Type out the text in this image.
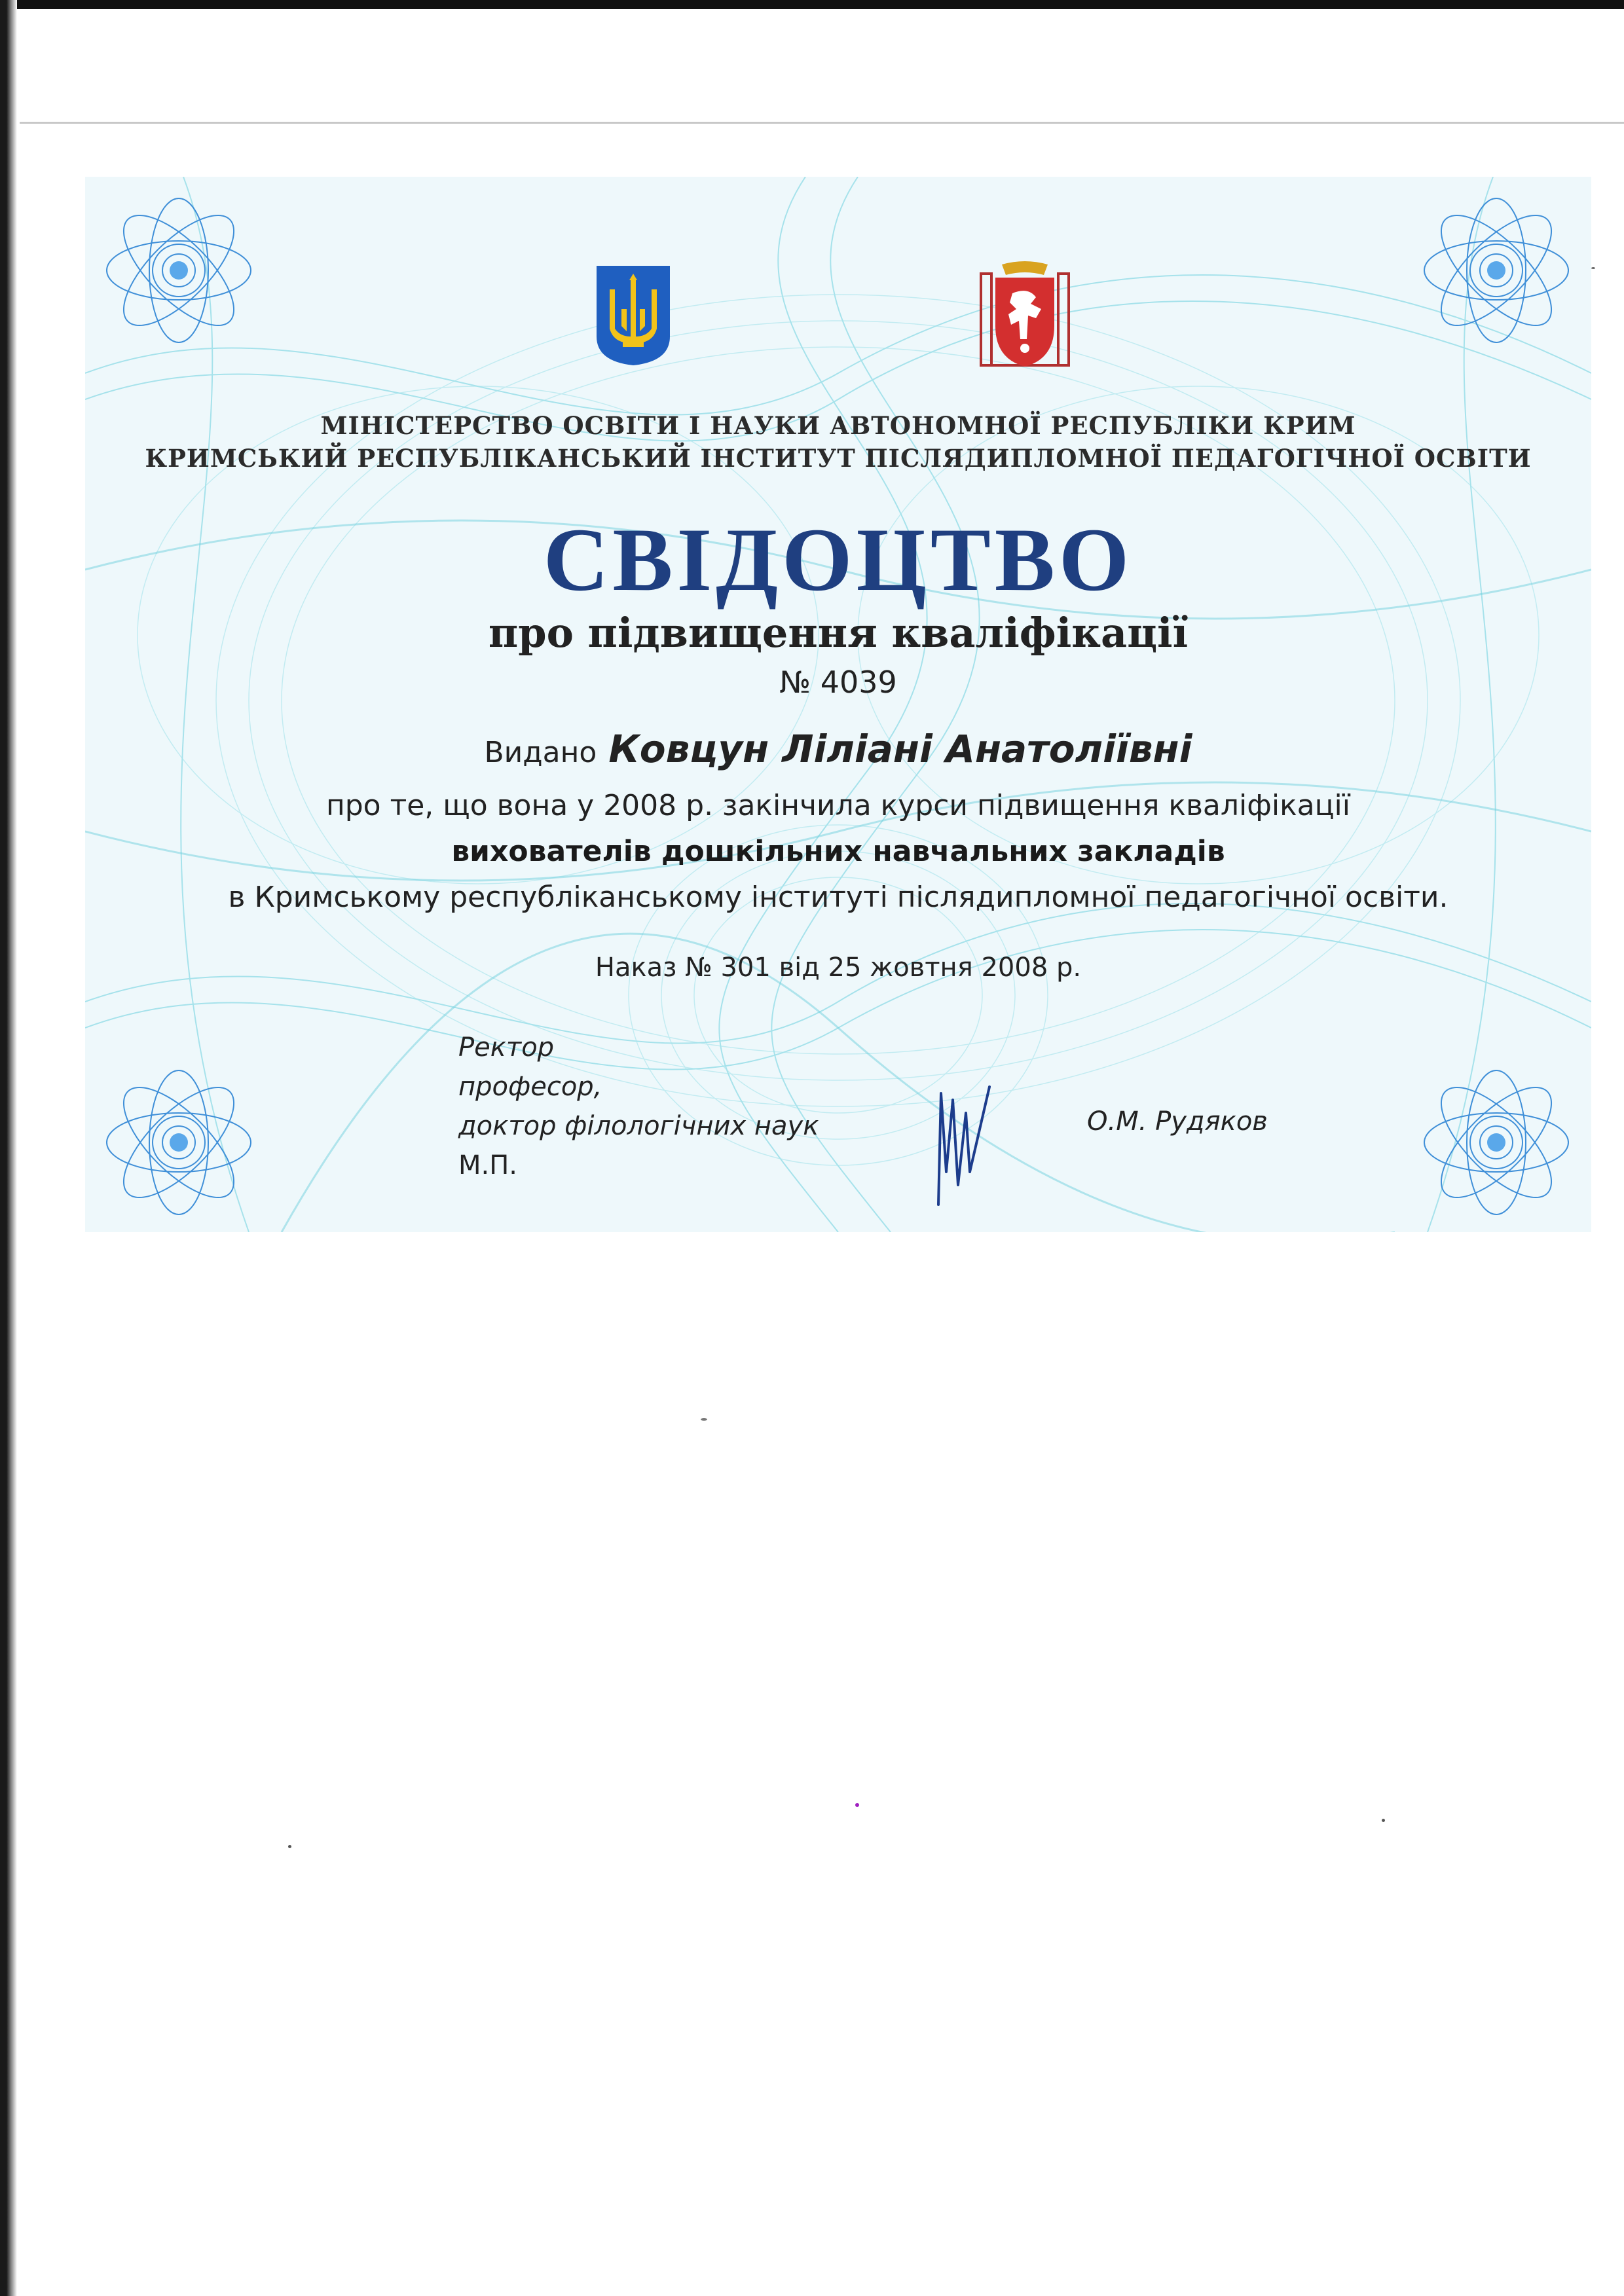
МІНІСТЕРСТВО ОСВІТИ І НАУКИ АВТОНОМНОЇ РЕСПУБЛІКИ КРИМ
КРИМСЬКИЙ РЕСПУБЛІКАНСЬКИЙ ІНСТИТУТ ПІСЛЯДИПЛОМНОЇ ПЕДАГОГІЧНОЇ ОСВІТИ
СВІДОЦТВО
про підвищення кваліфікації
№ 4039
Видано Ковцун Ліліані Анатоліївні
про те, що вона у 2008 р. закінчила курси підвищення кваліфікації
вихователів дошкільних навчальних закладів
в Кримському республіканському інституті післядипломної педагогічної освіти.
Наказ № 301 від 25 жовтня 2008 р.
Ректор
професор,
доктор філологічних наук
М.П.
О.М. Рудяков
